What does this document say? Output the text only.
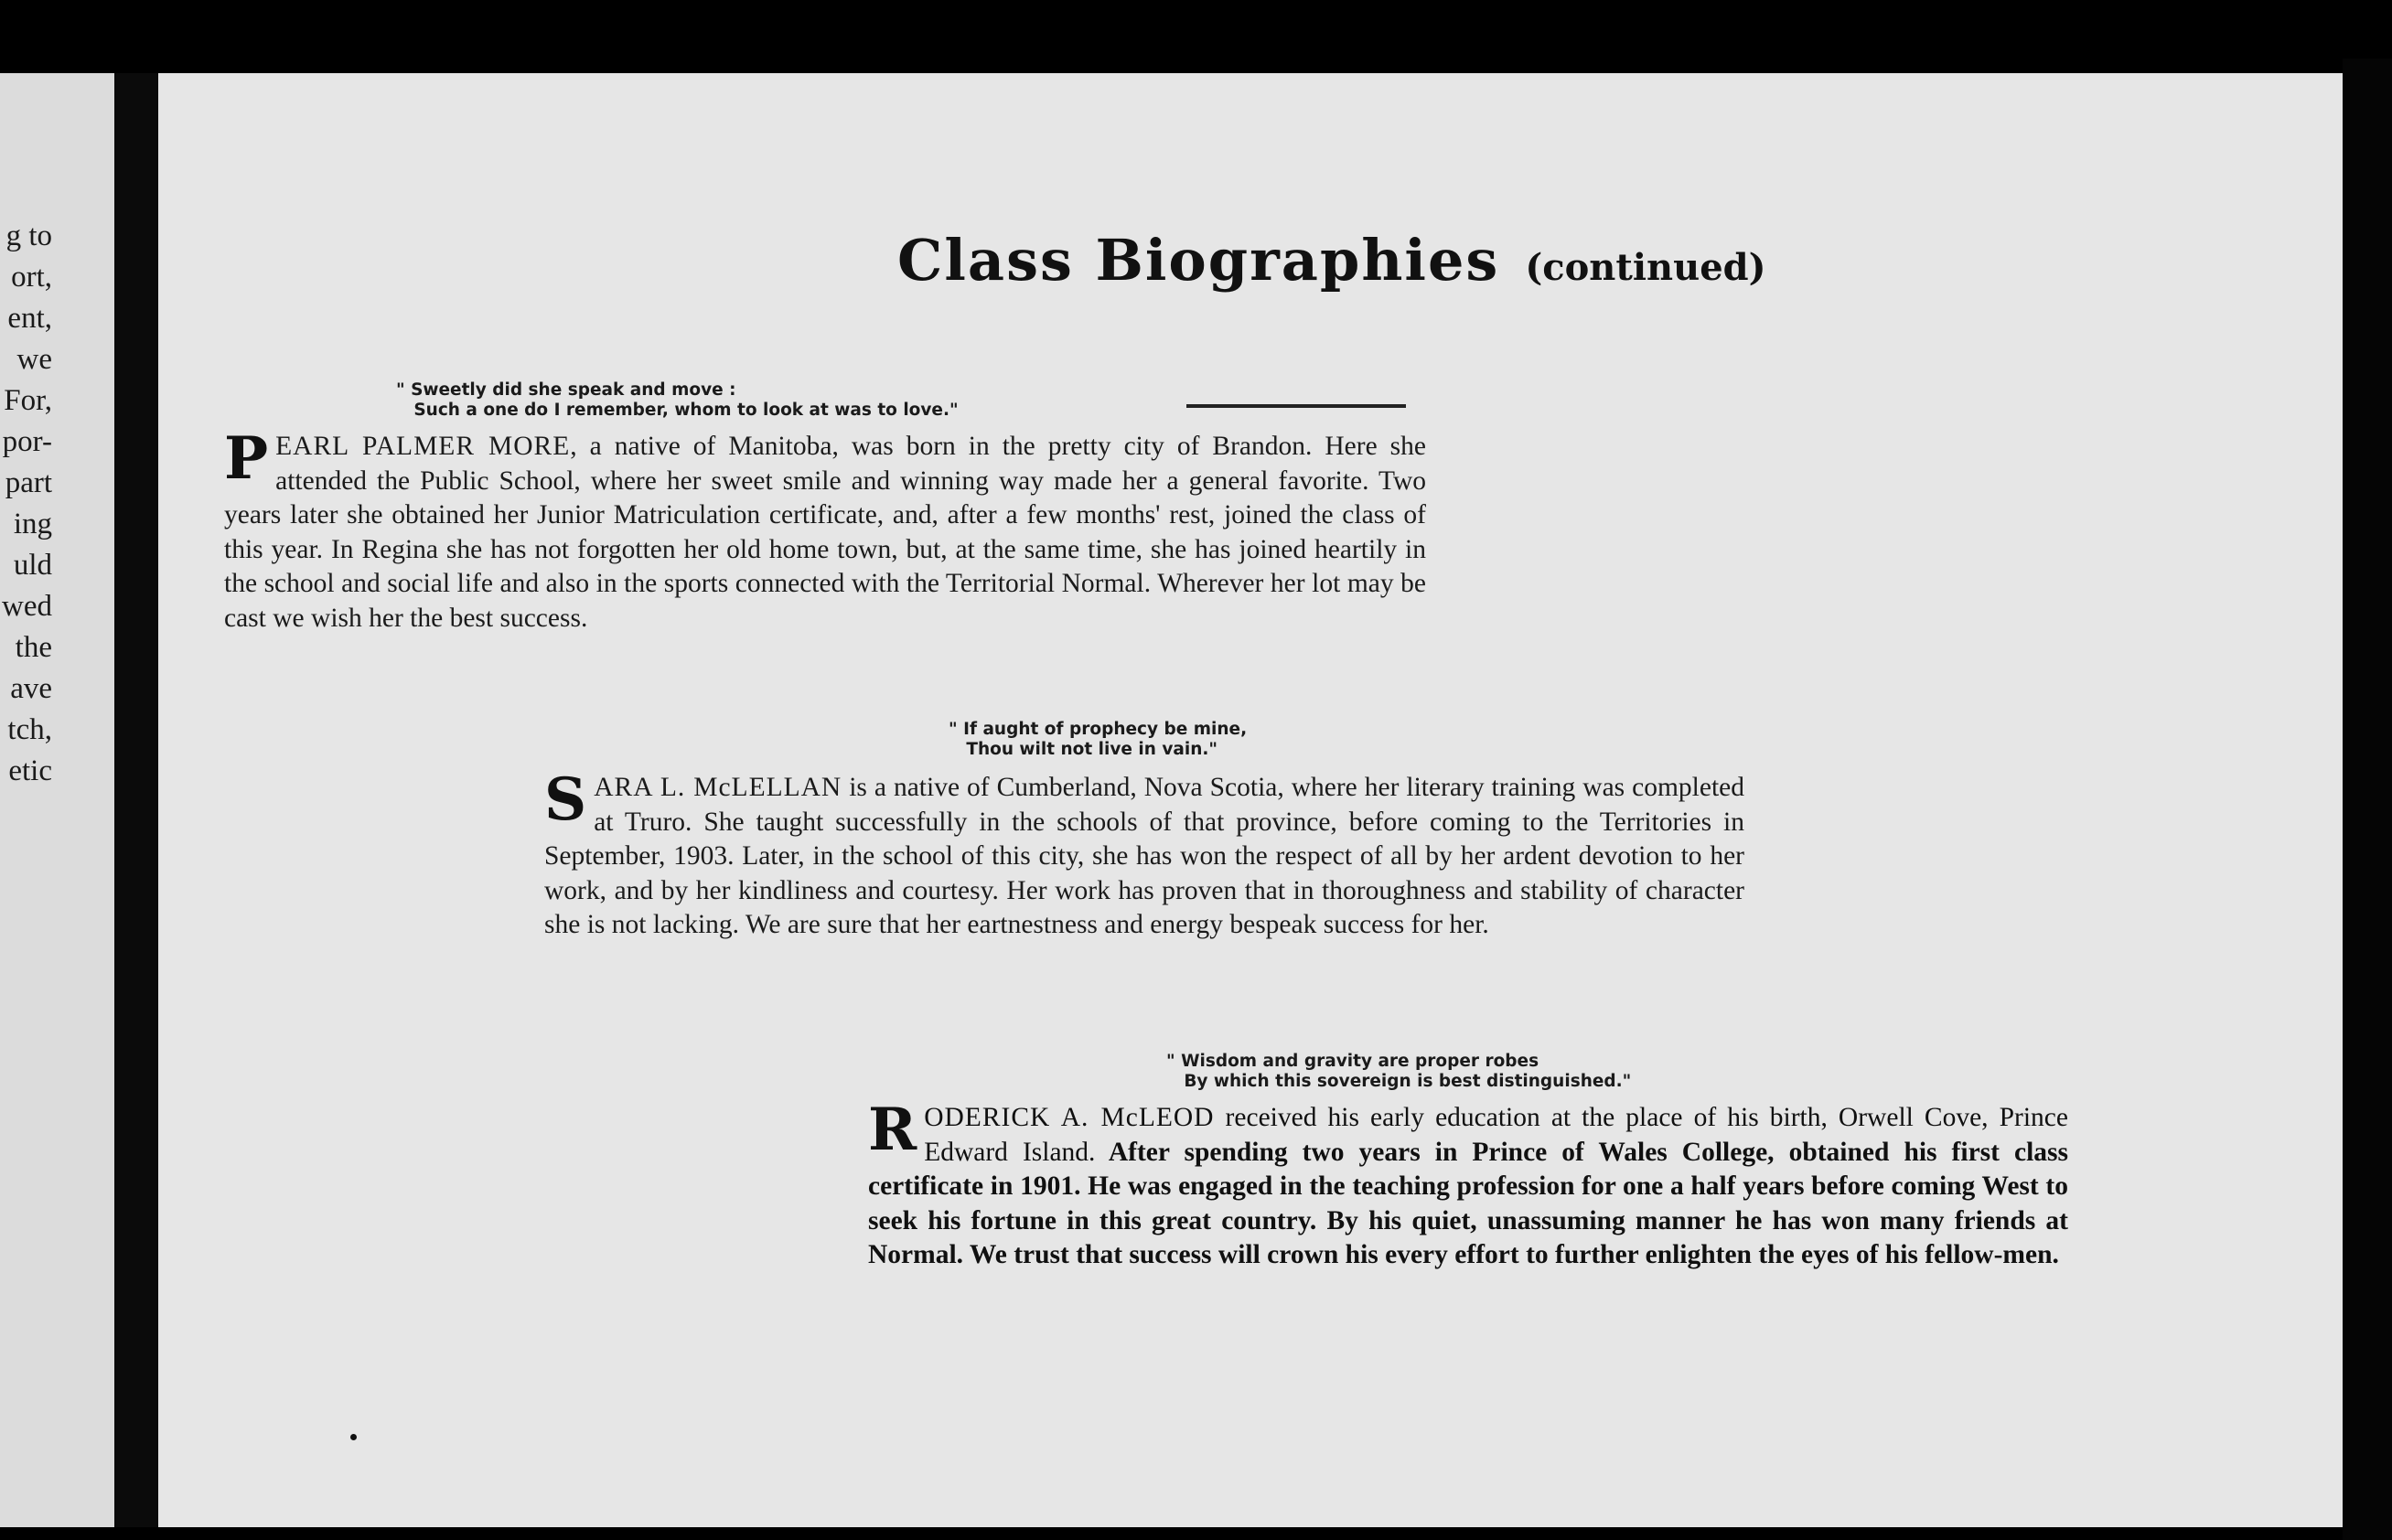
g to
ort,
ent,
we
For,
por-
part
ing
uld
wed
the
ave
tch,
etic
Class Biographies (continued)
" Sweetly did she speak and move :
Such a one do I remember, whom to look at was to love."
PEARL PALMER MORE, a native of Manitoba, was born in the pretty city of Brandon. Here she attended the Public School, where her sweet smile and winning way made her a general favorite. Two years later she obtained her Junior Matriculation certificate, and, after a few months' rest, joined the class of this year. In Regina she has not forgotten her old home town, but, at the same time, she has joined heartily in the school and social life and also in the sports connected with the Territorial Normal. Wherever her lot may be cast we wish her the best success.
" If aught of prophecy be mine,
Thou wilt not live in vain."
SARA L. McLELLAN is a native of Cumberland, Nova Scotia, where her literary training was completed at Truro. She taught successfully in the schools of that province, before coming to the Territories in September, 1903. Later, in the school of this city, she has won the respect of all by her ardent devotion to her work, and by her kindliness and courtesy. Her work has proven that in thoroughness and stability of character she is not lacking. We are sure that her eartnestness and energy bespeak success for her.
" Wisdom and gravity are proper robes
By which this sovereign is best distinguished."
RODERICK A. McLEOD received his early education at the place of his birth, Orwell Cove, Prince Edward Island. After spending two years in Prince of Wales College, obtained his first class certificate in 1901. He was engaged in the teaching profession for one a half years before coming West to seek his fortune in this great country. By his quiet, unassuming manner he has won many friends at Normal. We trust that success will crown his every effort to further enlighten the eyes of his fellow-men.
